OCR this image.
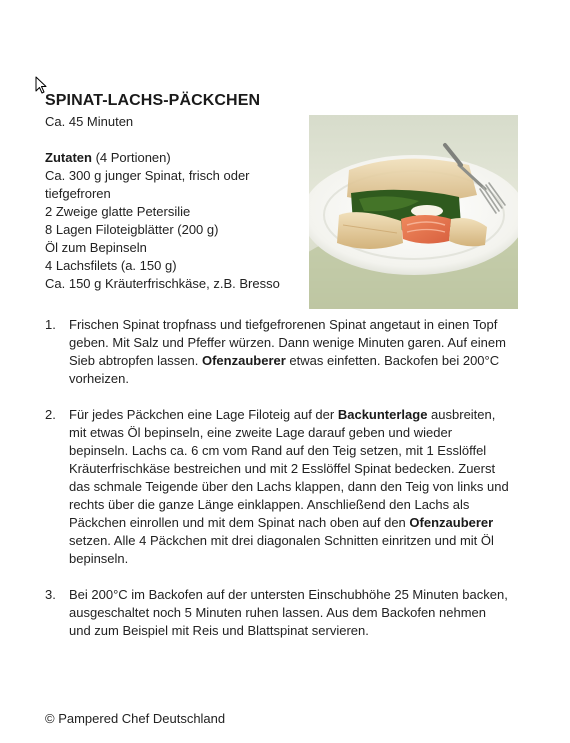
SPINAT-LACHS-PÄCKCHEN
Ca. 45 Minuten
Zutaten (4 Portionen)
Ca. 300 g junger Spinat, frisch oder tiefgefroren
2 Zweige glatte Petersilie
8 Lagen Filoteigblätter (200 g)
Öl zum Bepinseln
4 Lachsfilets (a. 150 g)
Ca. 150 g Kräuterfrischkäse, z.B. Bresso
1. Frischen Spinat tropfnass und tiefgefrorenen Spinat angetaut in einen Topf geben. Mit Salz und Pfeffer würzen. Dann wenige Minuten garen. Auf einem Sieb abtropfen lassen. Ofenzauberer etwas einfetten. Backofen bei 200°C vorheizen.
2. Für jedes Päckchen eine Lage Filoteig auf der Backunterlage ausbreiten, mit etwas Öl bepinseln, eine zweite Lage darauf geben und wieder bepinseln. Lachs ca. 6 cm vom Rand auf den Teig setzen, mit 1 Esslöffel Kräuterfrischkäse bestreichen und mit 2 Esslöffel Spinat bedecken. Zuerst das schmale Teigende über den Lachs klappen, dann den Teig von links und rechts über die ganze Länge einklappen. Anschließend den Lachs als Päckchen einrollen und mit dem Spinat nach oben auf den Ofenzauberer setzen. Alle 4 Päckchen mit drei diagonalen Schnitten einritzen und mit Öl bepinseln.
3. Bei 200°C im Backofen auf der untersten Einschubhöhe 25 Minuten backen, ausgeschaltet noch 5 Minuten ruhen lassen. Aus dem Backofen nehmen und zum Beispiel mit Reis und Blattspinat servieren.
© Pampered Chef Deutschland
